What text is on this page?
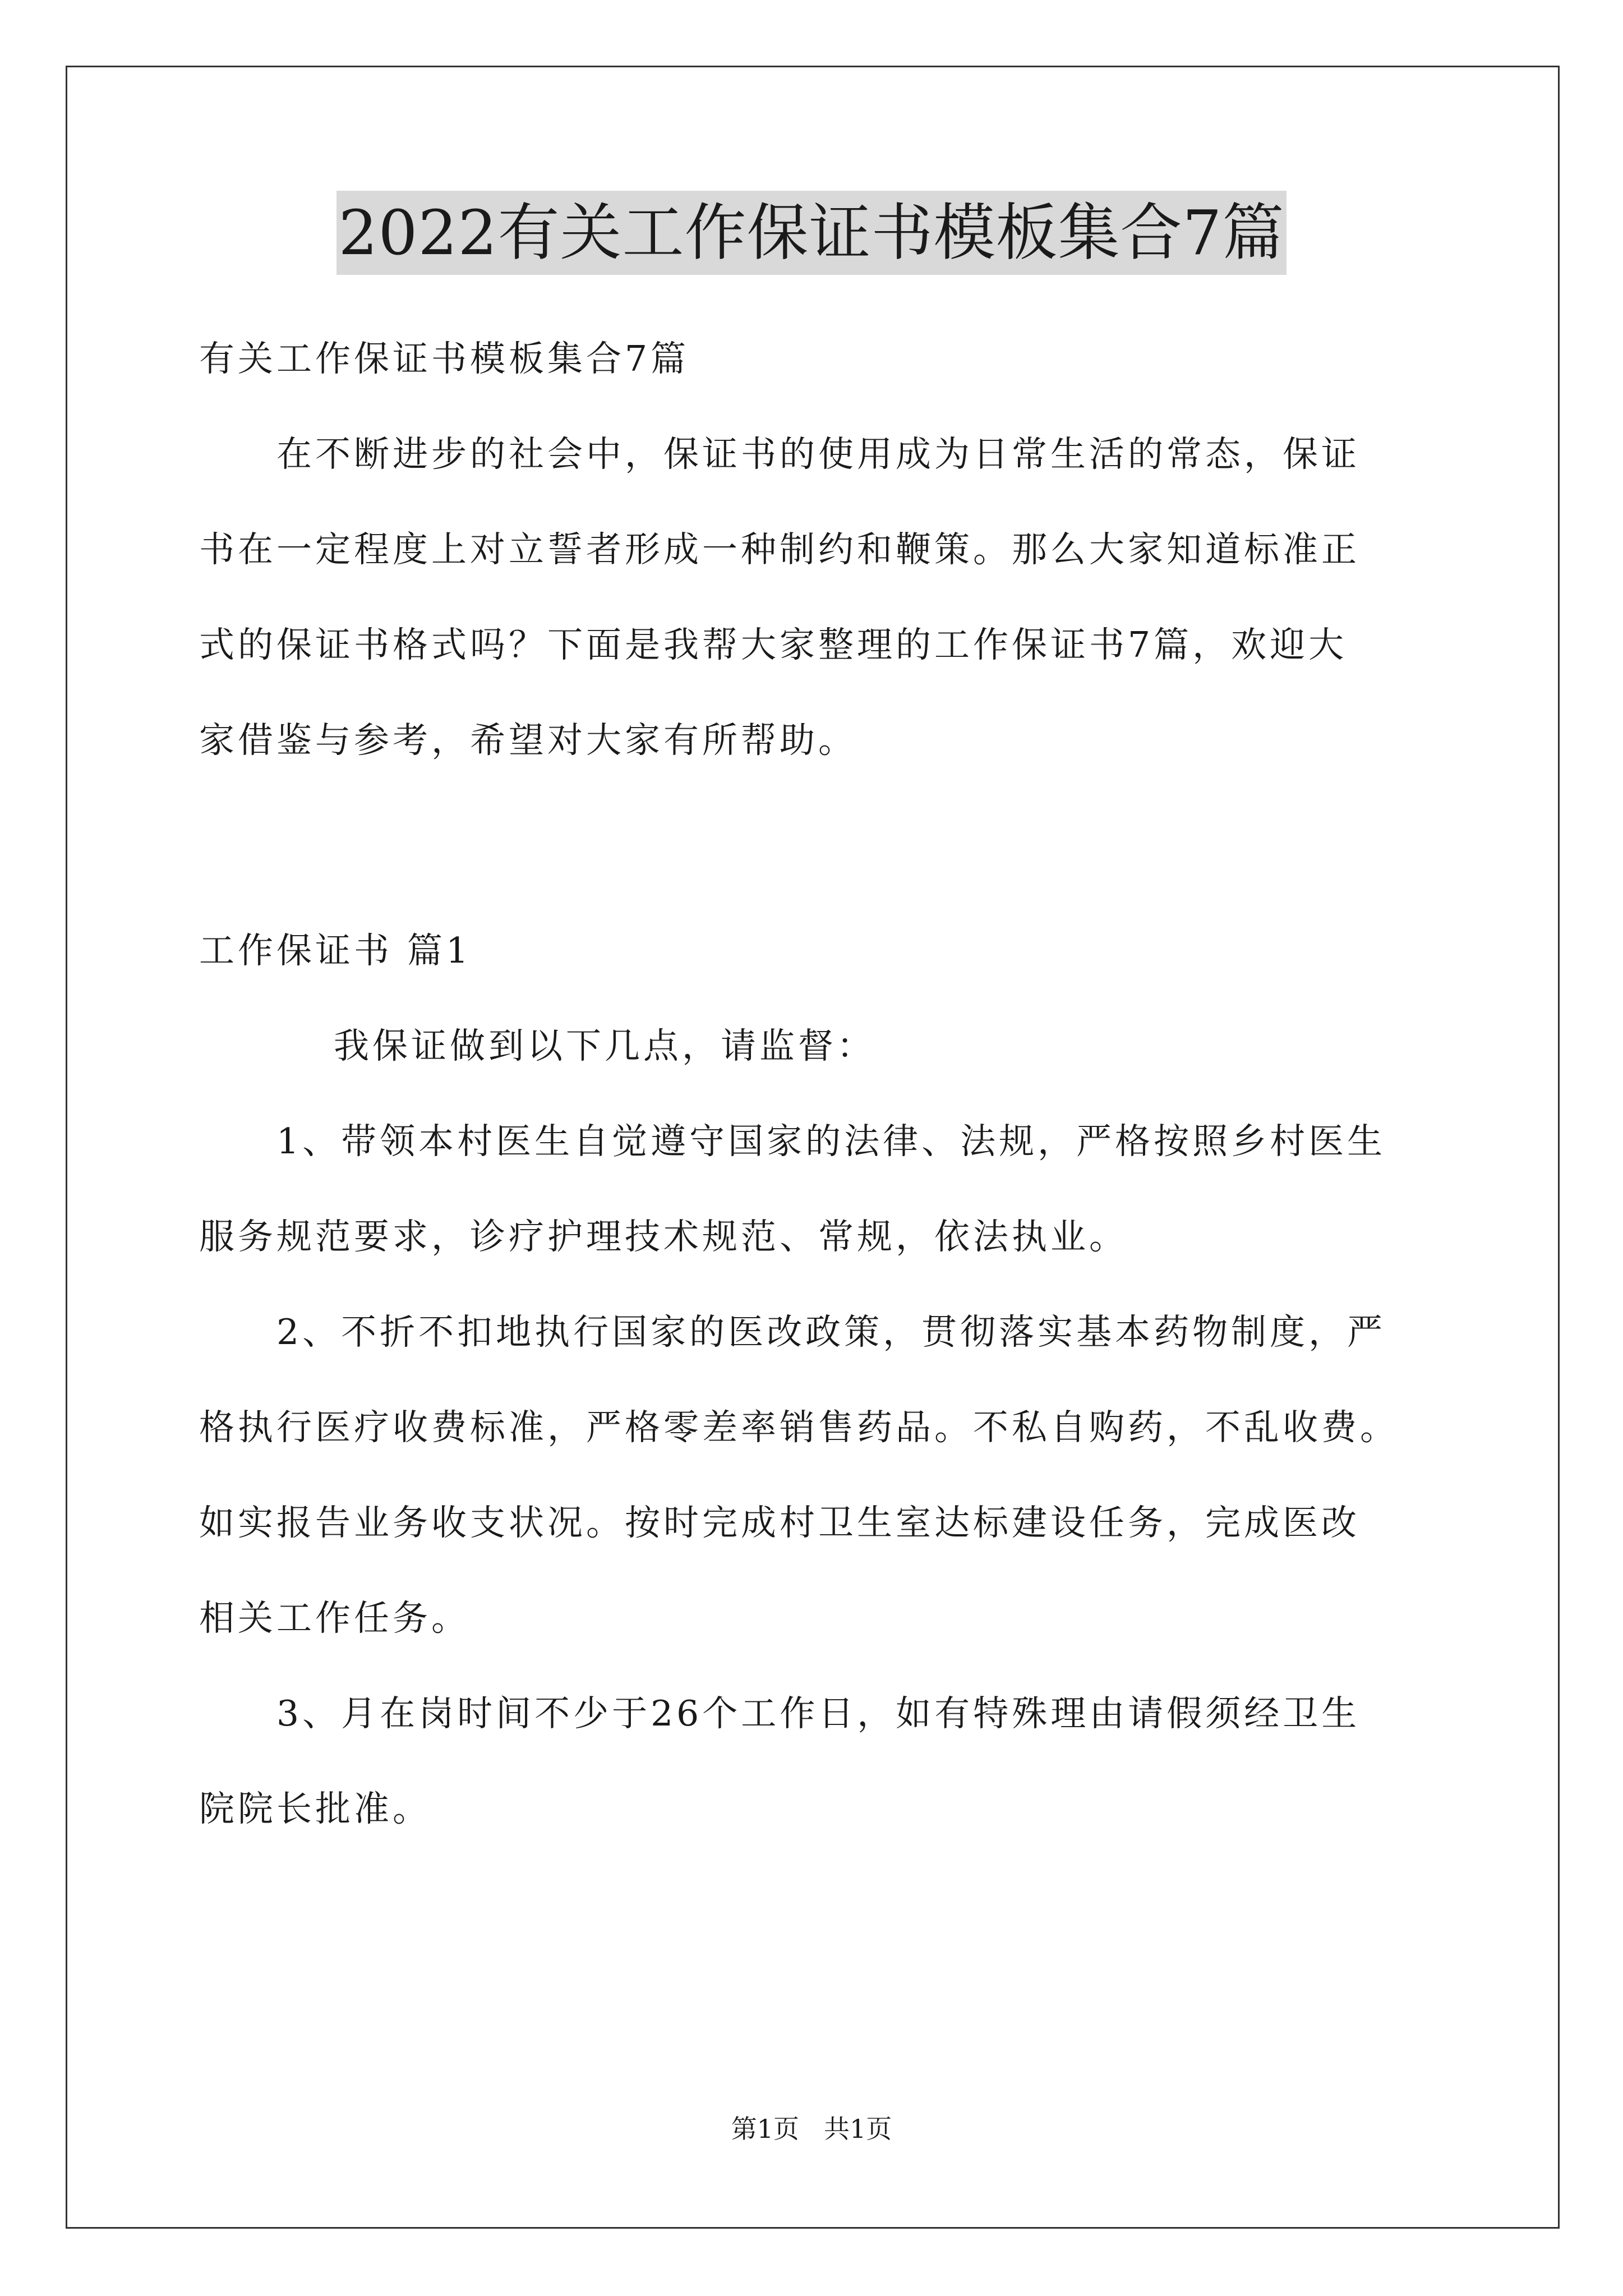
2022有关工作保证书模板集合7篇
有关工作保证书模板集合7篇
在不断进步的社会中，保证书的使用成为日常生活的常态，保证
书在一定程度上对立誓者形成一种制约和鞭策。那么大家知道标准正
式的保证书格式吗？下面是我帮大家整理的工作保证书7篇，欢迎大
家借鉴与参考，希望对大家有所帮助。
工作保证书 篇1
我保证做到以下几点，请监督：
1、带领本村医生自觉遵守国家的法律、法规，严格按照乡村医生
服务规范要求，诊疗护理技术规范、常规，依法执业。
2、不折不扣地执行国家的医改政策，贯彻落实基本药物制度，严
格执行医疗收费标准，严格零差率销售药品。不私自购药，不乱收费。
如实报告业务收支状况。按时完成村卫生室达标建设任务，完成医改
相关工作任务。
3、月在岗时间不少于26个工作日，如有特殊理由请假须经卫生
院院长批准。
第1页 共1页
